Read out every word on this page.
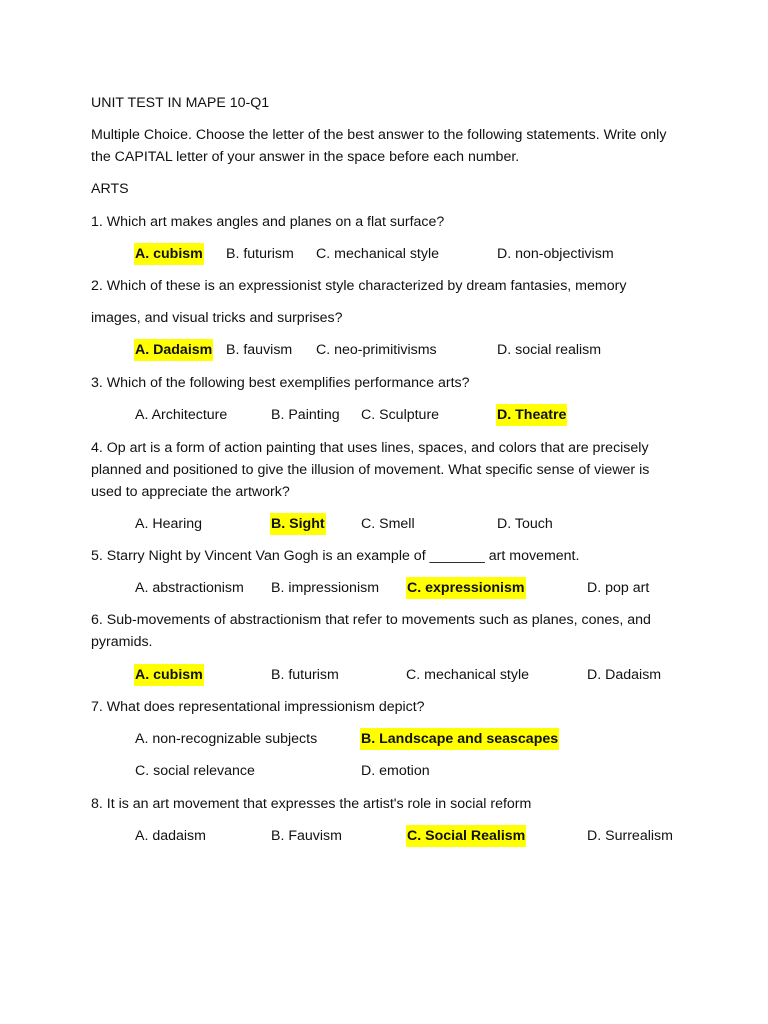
UNIT TEST IN MAPE 10-Q1
Multiple Choice. Choose the letter of the best answer to the following statements. Write only the CAPITAL letter of your answer in the space before each number.
ARTS
1. Which art makes angles and planes on a flat surface?
A. cubism B. futurism C. mechanical style	D. non-objectivism
2. Which of these is an expressionist style characterized by dream fantasies, memory
images, and visual tricks and surprises?
A. Dadaism B. fauvism C. neo-primitivisms	D. social realism
3. Which of the following best exemplifies performance arts?
A. Architecture	B. Painting C. Sculpture	D. Theatre
4. Op art is a form of action painting that uses lines, spaces, and colors that are precisely planned and positioned to give the illusion of movement. What specific sense of viewer is used to appreciate the artwork?
A. Hearing	B. Sight	C. Smell	D. Touch
5. Starry Night by Vincent Van Gogh is an example of _______ art movement.
A. abstractionism B. impressionism C. expressionism	D. pop art
6. Sub-movements of abstractionism that refer to movements such as planes, cones, and pyramids.
A. cubism	B. futurism	C. mechanical style	D. Dadaism
7. What does representational impressionism depict?
A. non-recognizable subjects	B. Landscape and seascapes
C. social relevance	D. emotion
8. It is an art movement that expresses the artist's role in social reform
A. dadaism	B. Fauvism	C. Social Realism	D. Surrealism
